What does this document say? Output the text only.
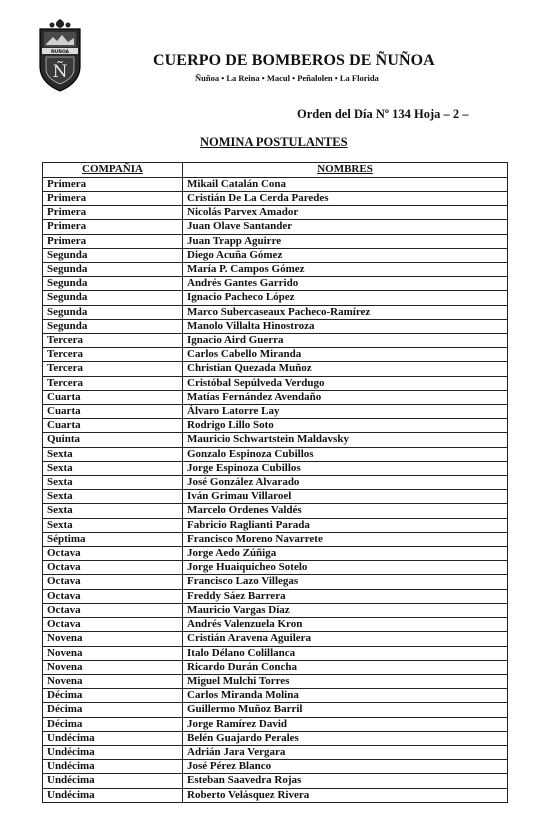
ÑUÑOA
Ñ
CUERPO DE BOMBEROS DE ÑUÑOA
Ñuñoa • La Reina • Macul • Peñalolen • La Florida
Orden del Día Nº 134 Hoja – 2 –
NOMINA POSTULANTES
COMPAÑIA	NOMBRES
Primera	Mikail Catalán Cona
Primera	Cristián De La Cerda Paredes
Primera	Nicolás Parvex Amador
Primera	Juan Olave Santander
Primera	Juan Trapp Aguirre
Segunda	Diego Acuña Gómez
Segunda	María P. Campos Gómez
Segunda	Andrés Gantes Garrido
Segunda	Ignacio Pacheco López
Segunda	Marco Subercaseaux Pacheco-Ramírez
Segunda	Manolo Villalta Hinostroza
Tercera	Ignacio Aird Guerra
Tercera	Carlos Cabello Miranda
Tercera	Christian Quezada Muñoz
Tercera	Cristóbal Sepúlveda Verdugo
Cuarta	Matías Fernández Avendaño
Cuarta	Álvaro Latorre Lay
Cuarta	Rodrigo Lillo Soto
Quinta	Mauricio Schwartstein Maldavsky
Sexta	Gonzalo Espinoza Cubillos
Sexta	Jorge Espinoza Cubillos
Sexta	José González Alvarado
Sexta	Iván Grimau Villaroel
Sexta	Marcelo Ordenes Valdés
Sexta	Fabricio Raglianti Parada
Séptima	Francisco Moreno Navarrete
Octava	Jorge Aedo Zúñiga
Octava	Jorge Huaiquicheo Sotelo
Octava	Francisco Lazo Villegas
Octava	Freddy Sáez Barrera
Octava	Mauricio Vargas Díaz
Octava	Andrés Valenzuela Kron
Novena	Cristián Aravena Aguilera
Novena	Italo Délano Colillanca
Novena	Ricardo Durán Concha
Novena	Miguel Mulchi Torres
Décima	Carlos Miranda Molina
Décima	Guillermo Muñoz Barril
Décima	Jorge Ramírez David
Undécima	Belén Guajardo Perales
Undécima	Adrián Jara Vergara
Undécima	José Pérez Blanco
Undécima	Esteban Saavedra Rojas
Undécima	Roberto Velásquez Rivera
